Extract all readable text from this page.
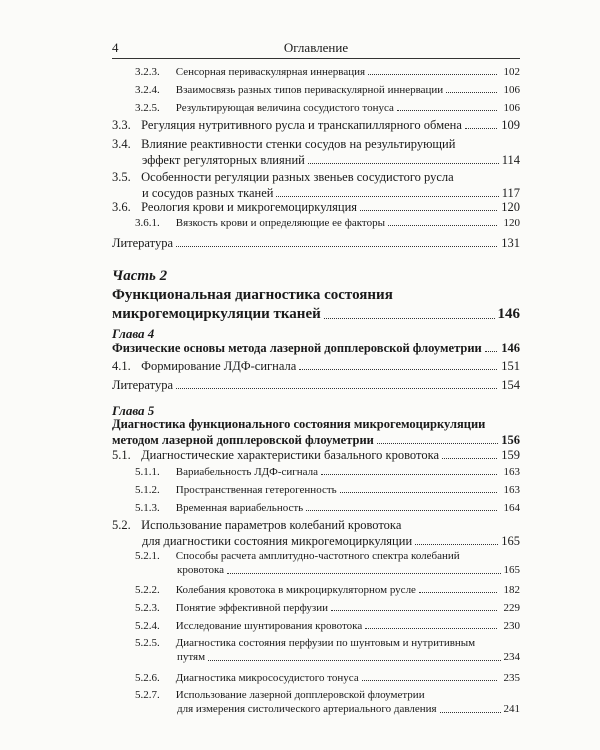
4	Оглавление
3.2.3. Сенсорная периваскулярная иннервация	102
3.2.4. Взаимосвязь разных типов периваскулярной иннервации	106
3.2.5. Результирующая величина сосудистого тонуса	106
3.3. Регуляция нутритивного русла и транскапиллярного обмена	109
3.4. Влияние реактивности стенки сосудов на результирующий
эффект регуляторных влияний	114
3.5. Особенности регуляции разных звеньев сосудистого русла
и сосудов разных тканей	117
3.6. Реология крови и микрогемоциркуляция	120
3.6.1. Вязкость крови и определяющие ее факторы	120
Литература	131
Часть 2
Функциональная диагностика состояния
микрогемоциркуляции тканей	146
Глава 4
Физические основы метода лазерной допплеровской флоуметрии 146
4.1. Формирование ЛДФ-сигнала	151
Литература	154
Глава 5
Диагностика функционального состояния микрогемоциркуляции
методом лазерной допплеровской флоуметрии	156
5.1. Диагностические характеристики базального кровотока	159
5.1.1. Вариабельность ЛДФ-сигнала	163
5.1.2. Пространственная гетерогенность	163
5.1.3. Временная вариабельность	164
5.2. Использование параметров колебаний кровотока
для диагностики состояния микрогемоциркуляции	165
5.2.1. Способы расчета амплитудно-частотного спектра колебаний
кровотока	165
5.2.2. Колебания кровотока в микроциркуляторном русле	182
5.2.3. Понятие эффективной перфузии	229
5.2.4. Исследование шунтирования кровотока	230
5.2.5. Диагностика состояния перфузии по шунтовым и нутритивным
путям	234
5.2.6. Диагностика микрососудистого тонуса	235
5.2.7. Использование лазерной допплеровской флоуметрии
для измерения систолического артериального давления	241
